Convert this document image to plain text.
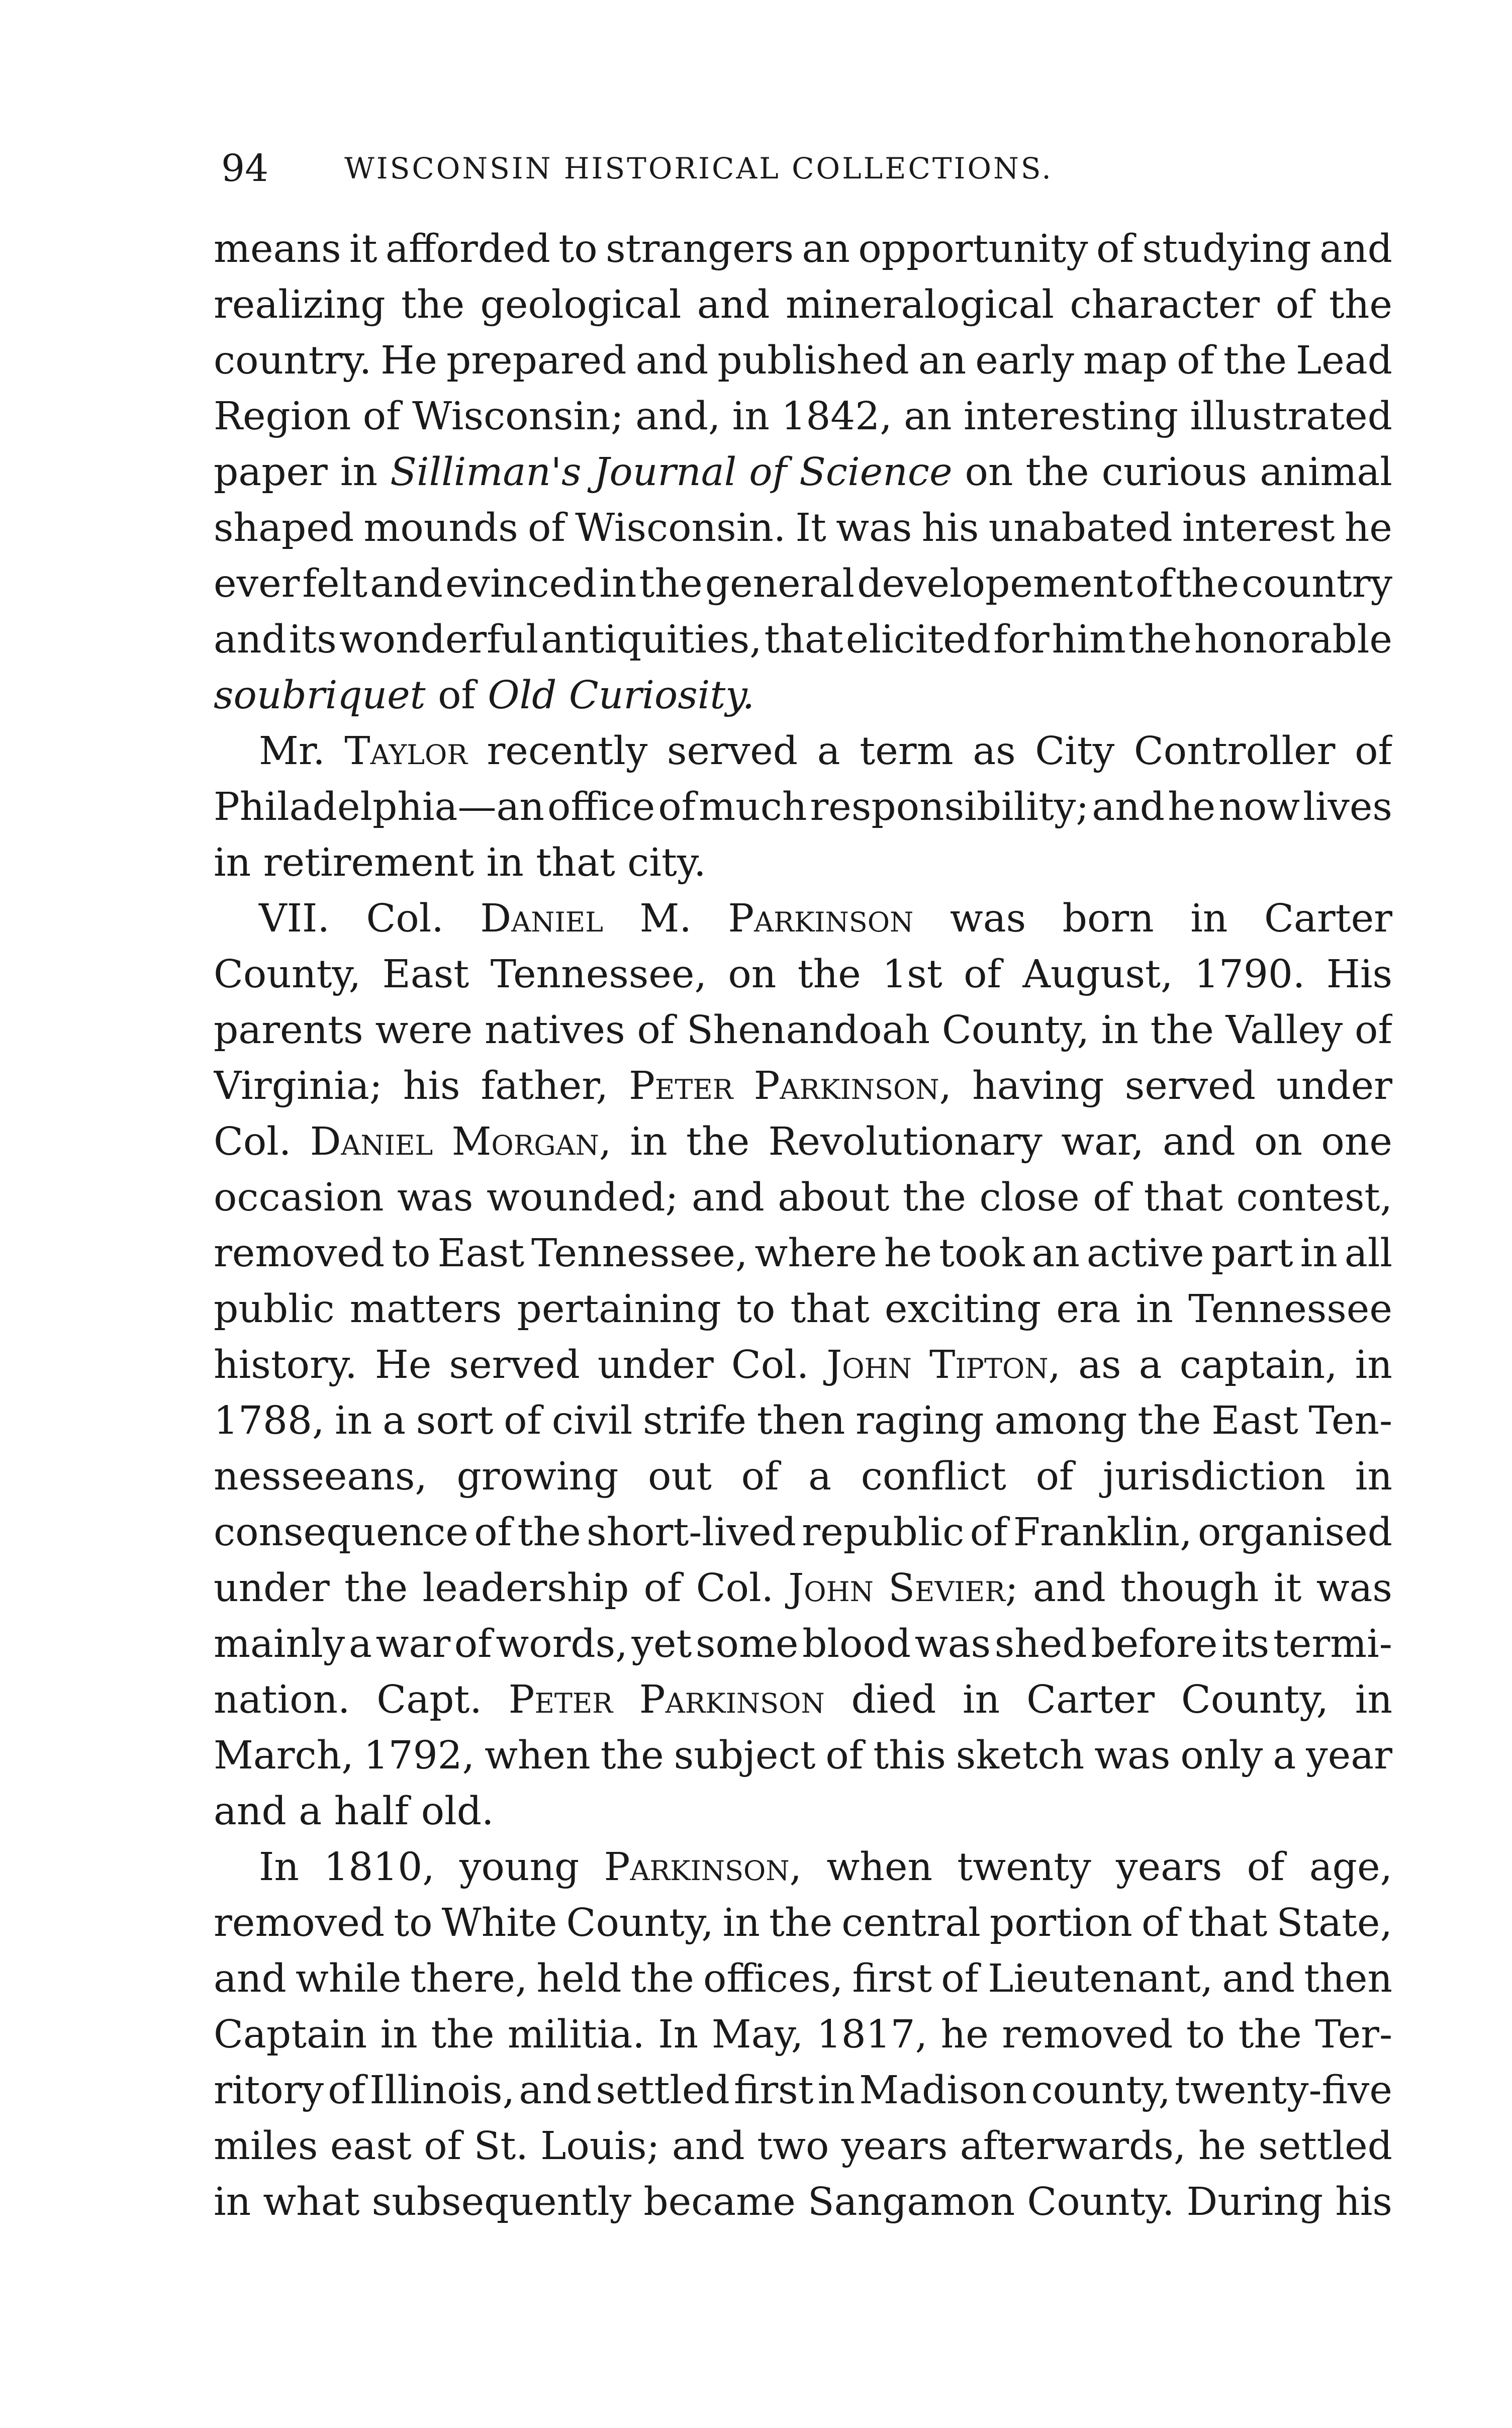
94	WISCONSIN HISTORICAL COLLECTIONS.
means it afforded to strangers an opportunity of studying and
realizing the geological and mineralogical character of the
country. He prepared and published an early map of the Lead
Region of Wisconsin; and, in 1842, an interesting illustrated
paper in Silliman's Journal of Science on the curious animal
shaped mounds of Wisconsin. It was his unabated interest he
ever felt and evinced in the general developement of the country
and its wonderful antiquities, that elicited for him the honorable
soubriquet of Old Curiosity.
Mr. Taylor recently served a term as City Controller of
Philadelphia—an office of much responsibility; and he now lives
in retirement in that city.
VII. Col. Daniel M. Parkinson was born in Carter
County, East Tennessee, on the 1st of August, 1790. His
parents were natives of Shenandoah County, in the Valley of
Virginia; his father, Peter Parkinson, having served under
Col. Daniel Morgan, in the Revolutionary war, and on one
occasion was wounded; and about the close of that contest,
removed to East Tennessee, where he took an active part in all
public matters pertaining to that exciting era in Tennessee
history. He served under Col. John Tipton, as a captain, in
1788, in a sort of civil strife then raging among the East Ten-
nesseeans, growing out of a conflict of jurisdiction in
consequence of the short-lived republic of Franklin, organised
under the leadership of Col. John Sevier; and though it was
mainly a war of words, yet some blood was shed before its termi-
nation. Capt. Peter Parkinson died in Carter County, in
March, 1792, when the subject of this sketch was only a year
and a half old.
In 1810, young Parkinson, when twenty years of age,
removed to White County, in the central portion of that State,
and while there, held the offices, first of Lieutenant, and then
Captain in the militia. In May, 1817, he removed to the Ter-
ritory of Illinois, and settled first in Madison county, twenty-five
miles east of St. Louis; and two years afterwards, he settled
in what subsequently became Sangamon County. During his
